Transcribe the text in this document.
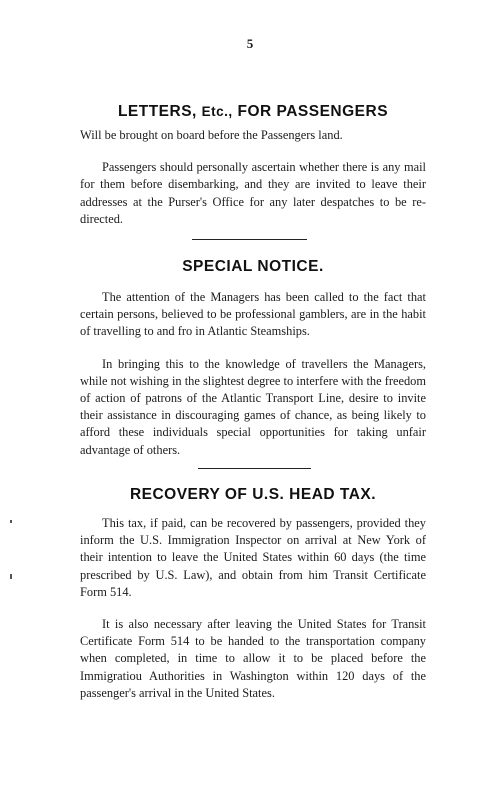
5
LETTERS, Etc., FOR PASSENGERS

Will be brought on board before the Passengers land.

Passengers should personally ascertain whether there is any mail for them before disembarking, and they are invited to leave their addresses at the Purser's Office for any later despatches to be re-directed.

SPECIAL NOTICE.

The attention of the Managers has been called to the fact that certain persons, believed to be professional gamblers, are in the habit of travelling to and fro in Atlantic Steamships.

In bringing this to the knowledge of travellers the Managers, while not wishing in the slightest degree to interfere with the freedom of action of patrons of the Atlantic Transport Line, desire to invite their assistance in discouraging games of chance, as being likely to afford these individuals special opportunities for taking unfair advantage of others.

RECOVERY OF U.S. HEAD TAX.

This tax, if paid, can be recovered by passengers, provided they inform the U.S. Immigration Inspector on arrival at New York of their intention to leave the United States within 60 days (the time prescribed by U.S. Law), and obtain from him Transit Certificate Form 514.

It is also necessary after leaving the United States for Transit Certificate Form 514 to be handed to the transportation company when completed, in time to allow it to be placed before the Immigratiou Authorities in Washington within 120 days of the passenger's arrival in the United States.
